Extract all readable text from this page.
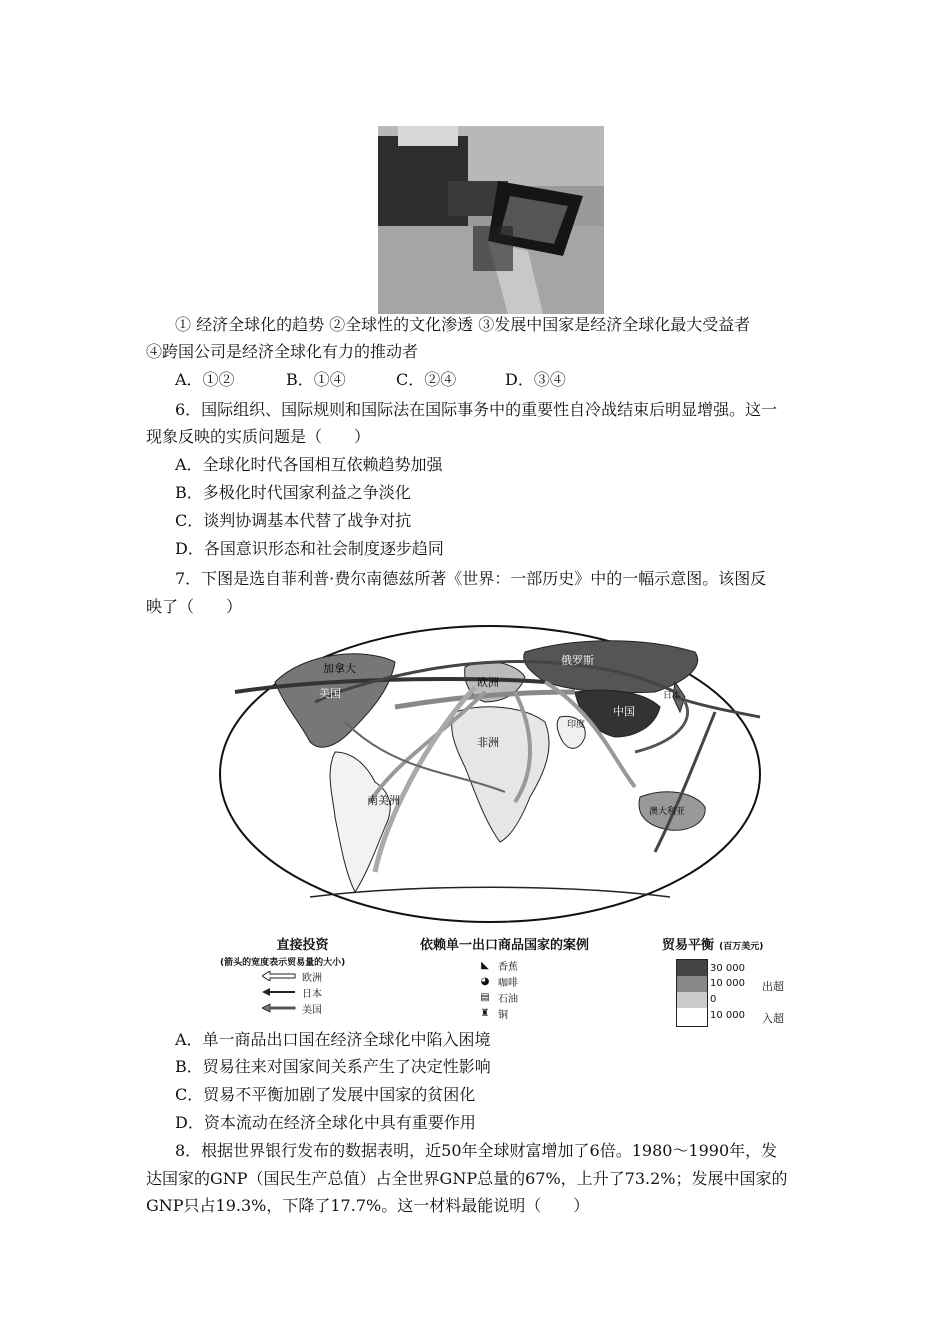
① 经济全球化的趋势 ②全球性的文化渗透 ③发展中国家是经济全球化最大受益者
④跨国公司是经济全球化有力的推动者
A．①②	B．①④	C．②④	D．③④
6．国际组织、国际规则和国际法在国际事务中的重要性自冷战结束后明显增强。这一
现象反映的实质问题是（　　）
A．全球化时代各国相互依赖趋势加强
B．多极化时代国家利益之争淡化
C．谈判协调基本代替了战争对抗
D．各国意识形态和社会制度逐步趋同
7．下图是选自菲利普·费尔南德兹所著《世界：一部历史》中的一幅示意图。该图反
映了（　　）
加拿大
美国
俄罗斯
欧洲
日本
中国
印度
非洲
南美洲
澳大利亚
直接投资
(箭头的宽度表示贸易量的大小)
欧洲
日本
美国
依赖单一出口商品国家的案例
◣ 香蕉
◕ 咖啡
▤ 石油
♜ 铜
贸易平衡 (百万美元)
30 000
10 000
0
10 000
出超
入超
A．单一商品出口国在经济全球化中陷入困境
B．贸易往来对国家间关系产生了决定性影响
C．贸易不平衡加剧了发展中国家的贫困化
D．资本流动在经济全球化中具有重要作用
8．根据世界银行发布的数据表明，近50年全球财富增加了6倍。1980～1990年，发
达国家的GNP（国民生产总值）占全世界GNP总量的67%，上升了73.2%；发展中国家的
GNP只占19.3%，下降了17.7%。这一材料最能说明（　　）
